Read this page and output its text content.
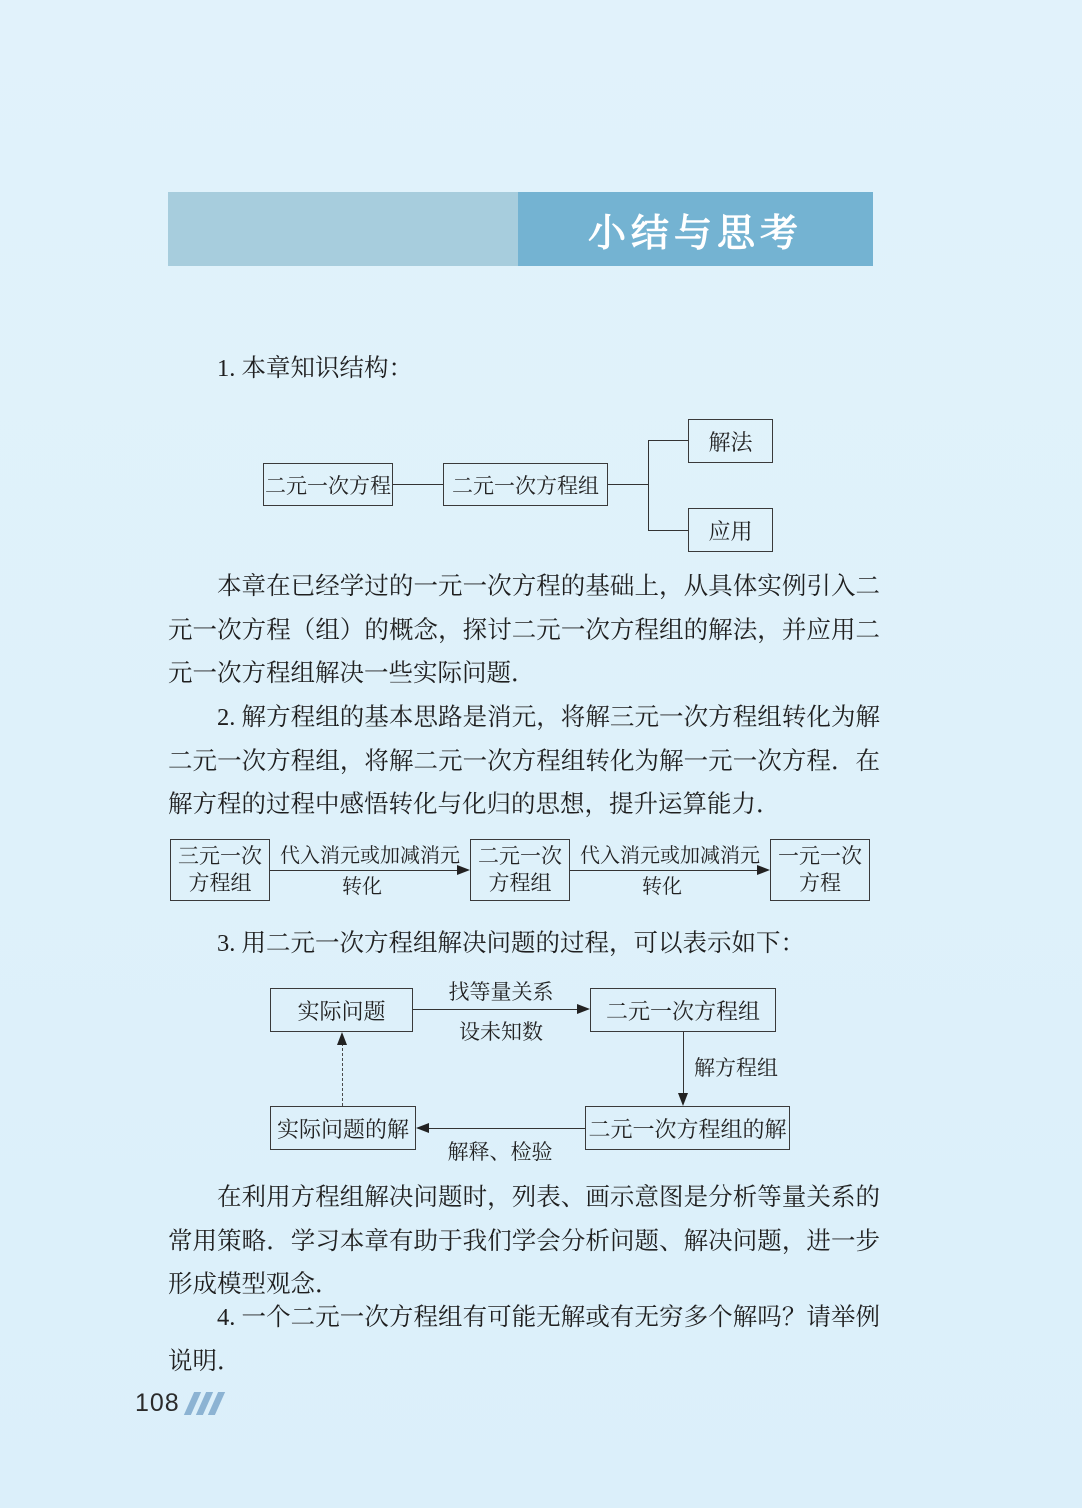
小结与思考
1. 本章知识结构：
二元一次方程	二元一次方程组
解法
应用
本章在已经学过的一元一次方程的基础上，从具体实例引入二元一次方程（组）的概念，探讨二元一次方程组的解法，并应用二元一次方程组解决一些实际问题．
2. 解方程组的基本思路是消元，将解三元一次方程组转化为解二元一次方程组，将解二元一次方程组转化为解一元一次方程．在解方程的过程中感悟转化与化归的思想，提升运算能力．
三元一次
方程组
代入消元或加减消元
转化
二元一次
方程组
代入消元或加减消元
转化
一元一次
方程
3. 用二元一次方程组解决问题的过程，可以表示如下：
实际问题	二元一次方程组
找等量关系
设未知数
解方程组
二元一次方程组的解
实际问题的解
解释、检验
在利用方程组解决问题时，列表、画示意图是分析等量关系的常用策略．学习本章有助于我们学会分析问题、解决问题，进一步形成模型观念．
4. 一个二元一次方程组有可能无解或有无穷多个解吗？请举例说明．
108
